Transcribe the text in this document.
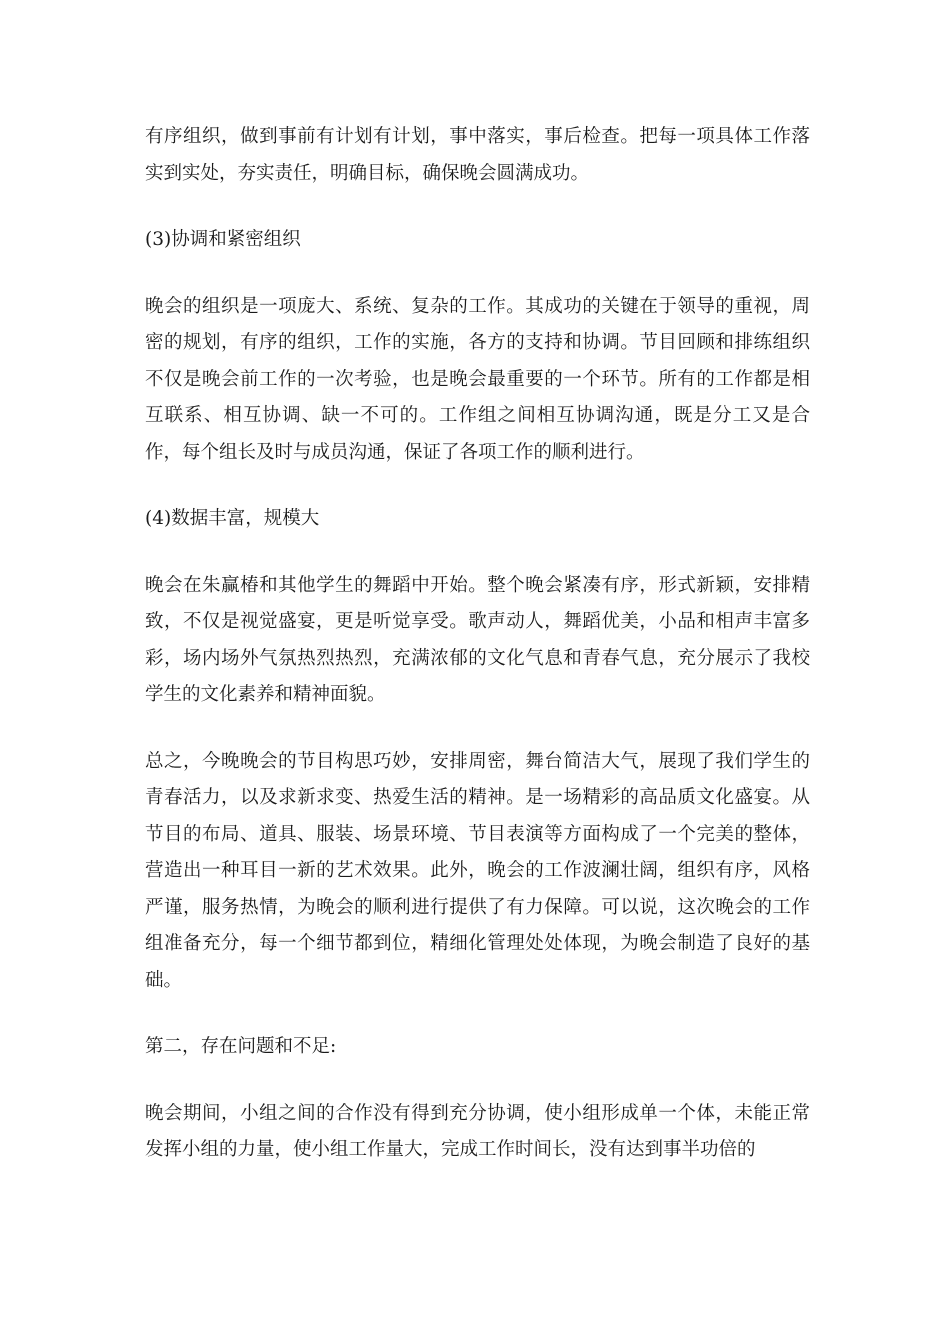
有序组织，做到事前有计划有计划，事中落实，事后检查。把每一项具体工作落实到实处，夯实责任，明确目标，确保晚会圆满成功。

(3)协调和紧密组织

晚会的组织是一项庞大、系统、复杂的工作。其成功的关键在于领导的重视，周密的规划，有序的组织，工作的实施，各方的支持和协调。节目回顾和排练组织不仅是晚会前工作的一次考验，也是晚会最重要的一个环节。所有的工作都是相互联系、相互协调、缺一不可的。工作组之间相互协调沟通，既是分工又是合作，每个组长及时与成员沟通，保证了各项工作的顺利进行。

(4)数据丰富，规模大

晚会在朱赢椿和其他学生的舞蹈中开始。整个晚会紧凑有序，形式新颖，安排精致，不仅是视觉盛宴，更是听觉享受。歌声动人，舞蹈优美，小品和相声丰富多彩，场内场外气氛热烈热烈，充满浓郁的文化气息和青春气息，充分展示了我校学生的文化素养和精神面貌。

总之，今晚晚会的节目构思巧妙，安排周密，舞台简洁大气，展现了我们学生的青春活力，以及求新求变、热爱生活的精神。是一场精彩的高品质文化盛宴。从节目的布局、道具、服装、场景环境、节目表演等方面构成了一个完美的整体，营造出一种耳目一新的艺术效果。此外，晚会的工作波澜壮阔，组织有序，风格严谨，服务热情，为晚会的顺利进行提供了有力保障。可以说，这次晚会的工作组准备充分，每一个细节都到位，精细化管理处处体现，为晚会制造了良好的基础。

第二，存在问题和不足:

晚会期间，小组之间的合作没有得到充分协调，使小组形成单一个体，未能正常发挥小组的力量，使小组工作量大，完成工作时间长，没有达到事半功倍的
